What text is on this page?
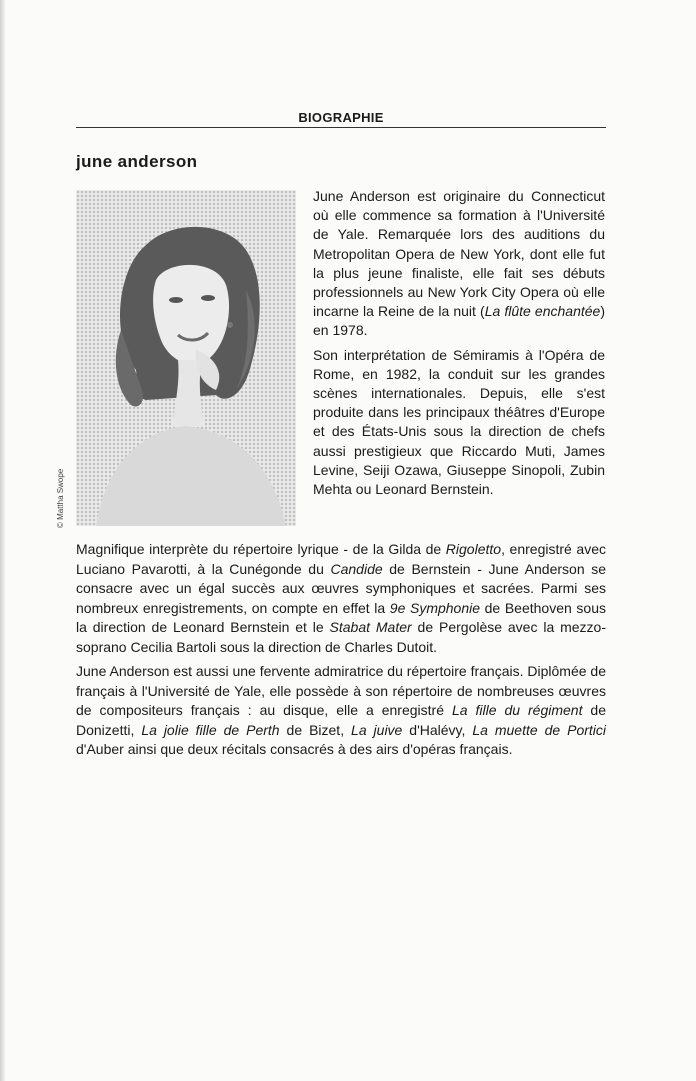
BIOGRAPHIE
june anderson
© Mattha Swope

June Anderson est originaire du Connecticut où elle commence sa formation à l'Université de Yale. Remarquée lors des auditions du Metropolitan Opera de New York, dont elle fut la plus jeune finaliste, elle fait ses débuts professionnels au New York City Opera où elle incarne la Reine de la nuit (La flûte enchantée) en 1978.

Son interprétation de Sémiramis à l'Opéra de Rome, en 1982, la conduit sur les grandes scènes internationales. Depuis, elle s'est produite dans les principaux théâtres d'Europe et des États-Unis sous la direction de chefs aussi prestigieux que Riccardo Muti, James Levine, Seiji Ozawa, Giuseppe Sinopoli, Zubin Mehta ou Leonard Bernstein.

Magnifique interprète du répertoire lyrique - de la Gilda de Rigoletto, enregistré avec Luciano Pavarotti, à la Cunégonde du Candide de Bernstein - June Anderson se consacre avec un égal succès aux œuvres symphoniques et sacrées. Parmi ses nombreux enregistrements, on compte en effet la 9e Symphonie de Beethoven sous la direction de Leonard Bernstein et le Stabat Mater de Pergolèse avec la mezzo-soprano Cecilia Bartoli sous la direction de Charles Dutoit.

June Anderson est aussi une fervente admiratrice du répertoire français. Diplômée de français à l'Université de Yale, elle possède à son répertoire de nombreuses œuvres de compositeurs français : au disque, elle a enregistré La fille du régiment de Donizetti, La jolie fille de Perth de Bizet, La juive d'Halévy, La muette de Portici d'Auber ainsi que deux récitals consacrés à des airs d'opéras français.
